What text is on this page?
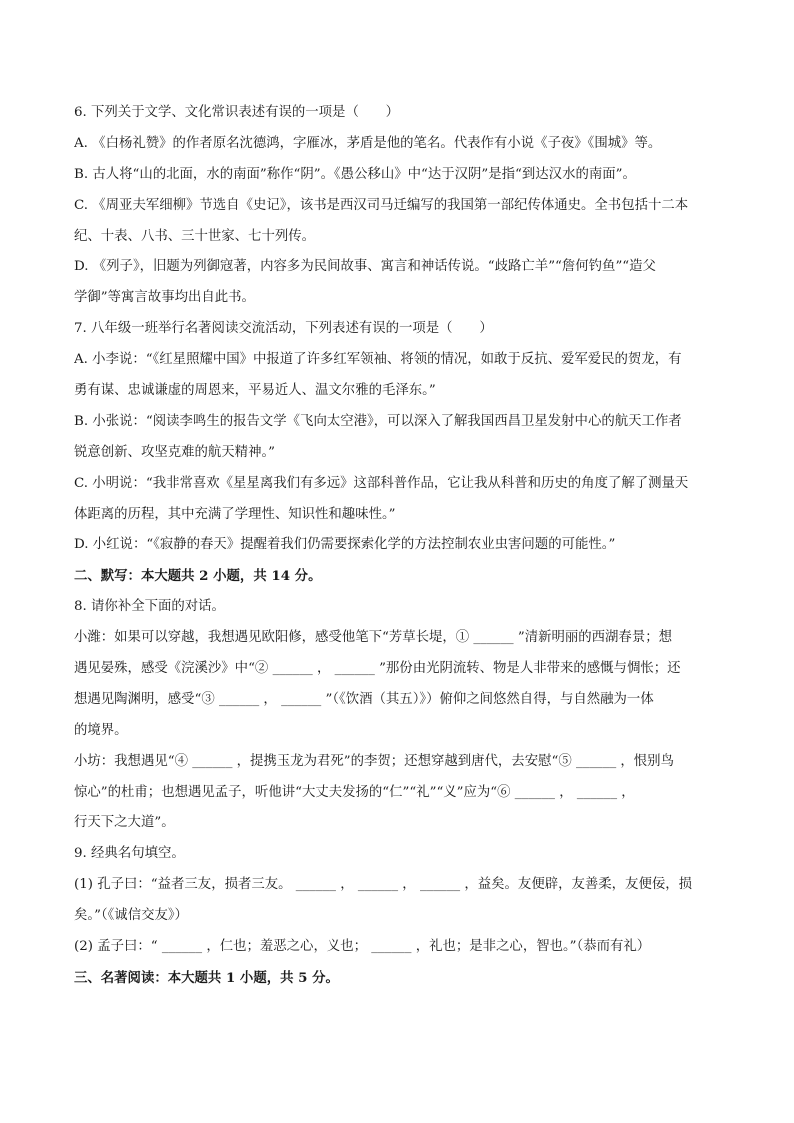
6. 下列关于文学、文化常识表述有误的一项是（　　）
A. 《白杨礼赞》的作者原名沈德鸿，字雁冰，茅盾是他的笔名。代表作有小说《子夜》《围城》等。
B. 古人将“山的北面，水的南面”称作“阴”。《愚公移山》中“达于汉阴”是指“到达汉水的南面”。
C. 《周亚夫军细柳》节选自《史记》，该书是西汉司马迁编写的我国第一部纪传体通史。全书包括十二本
纪、十表、八书、三十世家、七十列传。
D. 《列子》，旧题为列御寇著，内容多为民间故事、寓言和神话传说。“歧路亡羊”“詹何钓鱼”“造父
学御”等寓言故事均出自此书。
7. 八年级一班举行名著阅读交流活动，下列表述有误的一项是（　　）
A. 小李说：“《红星照耀中国》中报道了许多红军领袖、将领的情况，如敢于反抗、爱军爱民的贺龙，有
勇有谋、忠诚谦虚的周恩来，平易近人、温文尔雅的毛泽东。”
B. 小张说：“阅读李鸣生的报告文学《飞向太空港》，可以深入了解我国西昌卫星发射中心的航天工作者
锐意创新、攻坚克难的航天精神。”
C. 小明说：“我非常喜欢《星星离我们有多远》这部科普作品，它让我从科普和历史的角度了解了测量天
体距离的历程，其中充满了学理性、知识性和趣味性。”
D. 小红说：“《寂静的春天》提醒着我们仍需要探索化学的方法控制农业虫害问题的可能性。”
二、默写：本大题共 2 小题，共 14 分。
8. 请你补全下面的对话。
小潍：如果可以穿越，我想遇见欧阳修，感受他笔下“芳草长堤，① ______ ”清新明丽的西湖春景；想
遇见晏殊，感受《浣溪沙》中“② ______ ， ______ ”那份由光阴流转、物是人非带来的感慨与惆怅；还
想遇见陶渊明，感受“③ ______ ， ______ ”（《饮酒（其五）》）俯仰之间悠然自得，与自然融为一体
的境界。
小坊：我想遇见“④ ______ ，提携玉龙为君死”的李贺；还想穿越到唐代，去安慰“⑤ ______ ，恨别鸟
惊心”的杜甫；也想遇见孟子，听他讲“大丈夫发扬的“仁”“礼”“义”应为“⑥ ______ ， ______ ，
行天下之大道”。
9. 经典名句填空。
(1) 孔子曰：“益者三友，损者三友。 ______ ， ______ ， ______ ，益矣。友便辟，友善柔，友便佞，损
矣。”（《诚信交友》）
(2) 孟子曰：“ ______ ，仁也；羞恶之心，义也； ______ ，礼也；是非之心，智也。”（恭而有礼）
三、名著阅读：本大题共 1 小题，共 5 分。
